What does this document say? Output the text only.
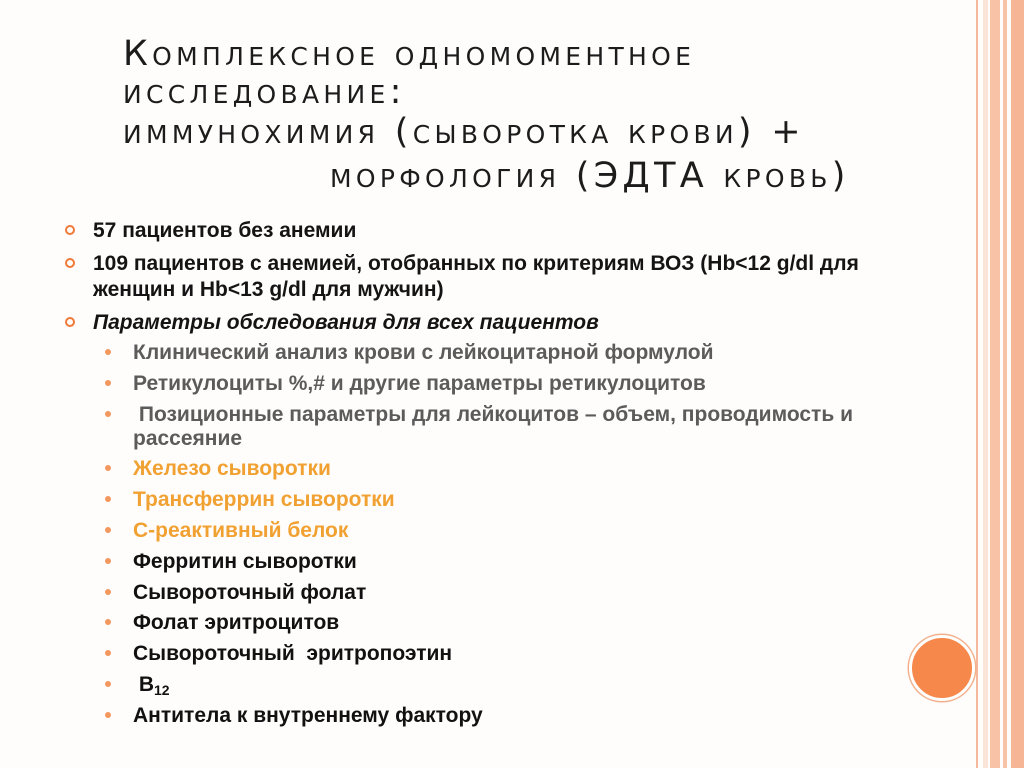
Комплексное одномоментное
исследование:
иммунохимия (сыворотка крови) +
морфология (ЭДТА кровь)
57 пациентов без анемии
109 пациентов с анемией, отобранных по критериям ВОЗ (Hb<12 g/dl для женщин и Hb<13 g/dl для мужчин)
Параметры обследования для всех пациентов
Клинический анализ крови с лейкоцитарной формулой
Ретикулоциты %,# и другие параметры ретикулоцитов
Позиционные параметры для лейкоцитов – объем, проводимость и рассеяние
Железо сыворотки
Трансферрин сыворотки
С-реактивный белок
Ферритин сыворотки
Сывороточный фолат
Фолат эритроцитов
Сывороточный  эритропоэтин
$B_{12}$
Антитела к внутреннему фактору
